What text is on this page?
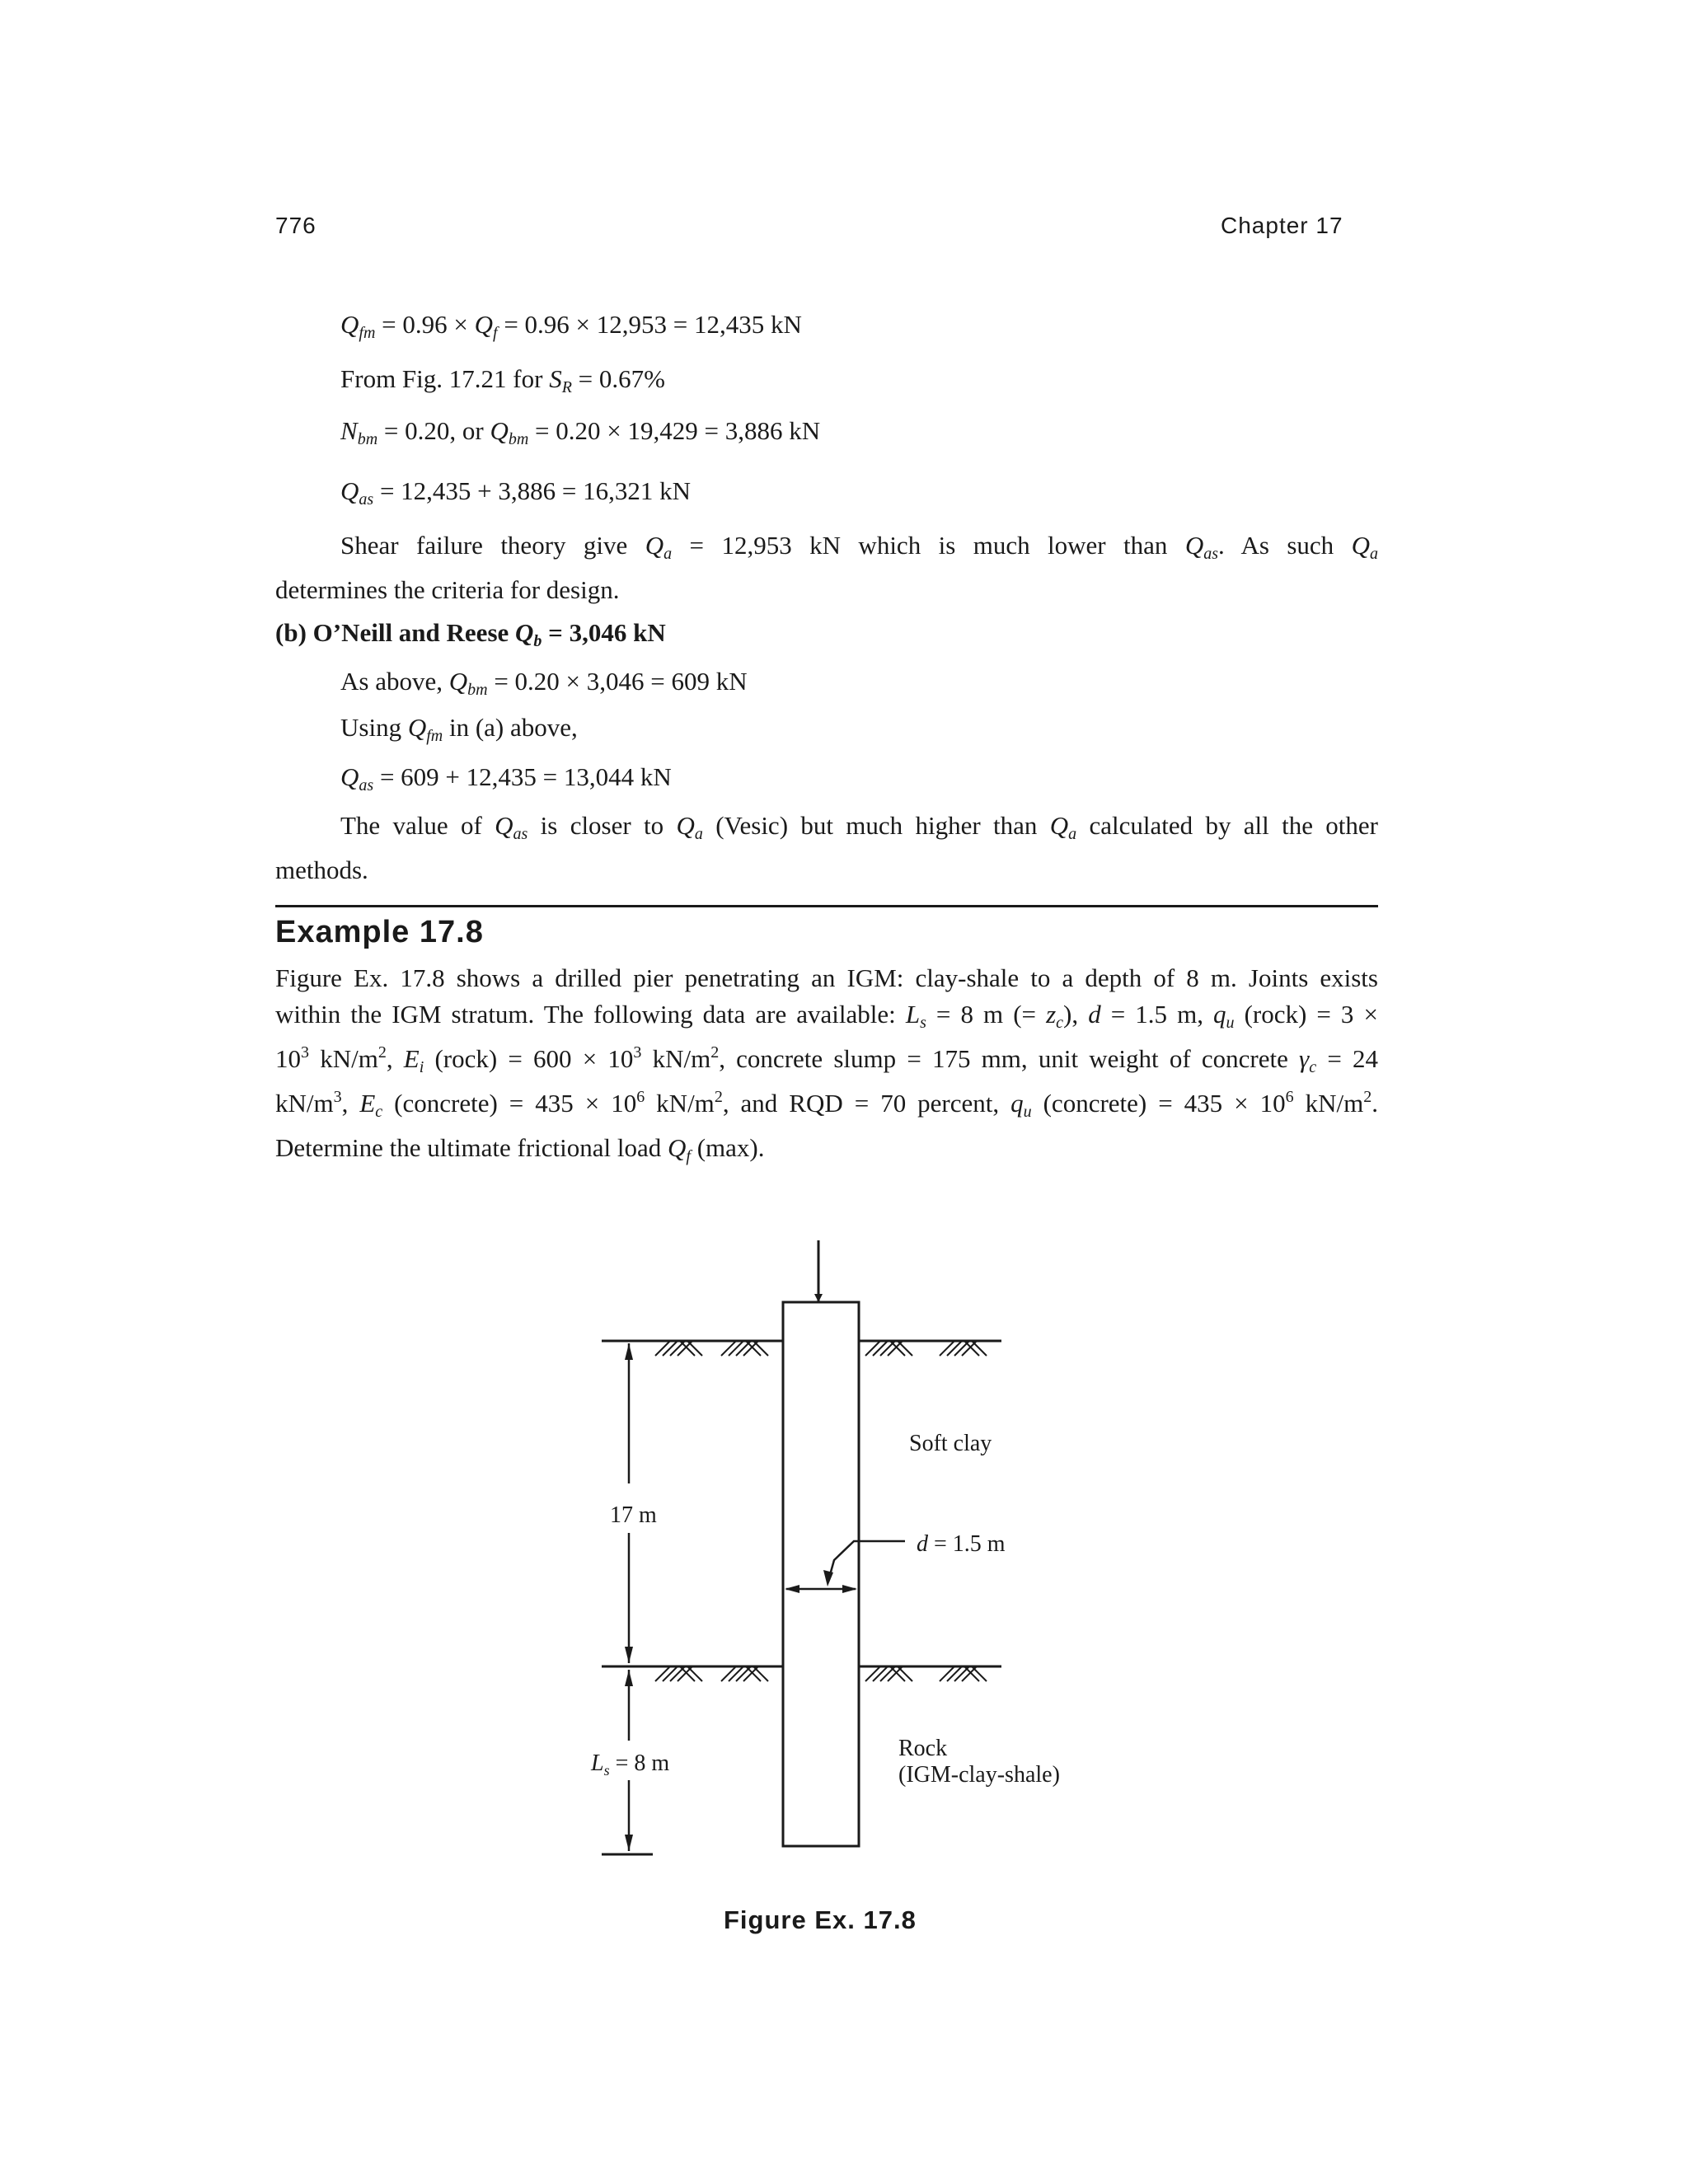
776	Chapter 17
$Q_{fm} = 0.96 \times Q_f = 0.96 \times 12,953 = 12,435$ kN
From Fig. 17.21 for $S_R = 0.67\%$
$N_{bm} = 0.20$, or $Q_{bm} = 0.20 \times 19,429 = 3,886$ kN
$Q_{as} = 12,435 + 3,886 = 16,321$ kN
Shear failure theory give $Q_a = 12,953$ kN which is much lower than $Q_{as}$. As such $Q_a$
determines the criteria for design.
(b) O’Neill and Reese $Q_b = 3,046$ kN
As above, $Q_{bm} = 0.20 \times 3,046 = 609$ kN
Using $Q_{fm}$ in (a) above,
$Q_{as} = 609 + 12,435 = 13,044$ kN
The value of $Q_{as}$ is closer to $Q_a$ (Vesic) but much higher than $Q_a$ calculated by all the other
methods.
Example 17.8
Figure Ex. 17.8 shows a drilled pier penetrating an IGM: clay-shale to a depth of 8 m. Joints exists
within the IGM stratum. The following data are available: $L_s = 8$ m (= $z_c$), d = 1.5 m, $q_u$ (rock) = 3 ×
$10^3$ $kN/m^2$, $E_i$ (rock) = $600 \times 10^3$ $kN/m^2$, concrete slump = 175 mm, unit weight of concrete $\gamma_c = 24$
$kN/m^3$, $E_c$ (concrete) = $435 \times 10^6$ $kN/m^2$, and RQD = 70 percent, $q_u$ (concrete) = $435 \times 10^6$ $kN/m^2$.
Determine the ultimate frictional load $Q_f$ (max).
Soft clay
d = 1.5 m
17 m
$L_s = 8$ m
Rock
(IGM-clay-shale)
Figure Ex. 17.8
